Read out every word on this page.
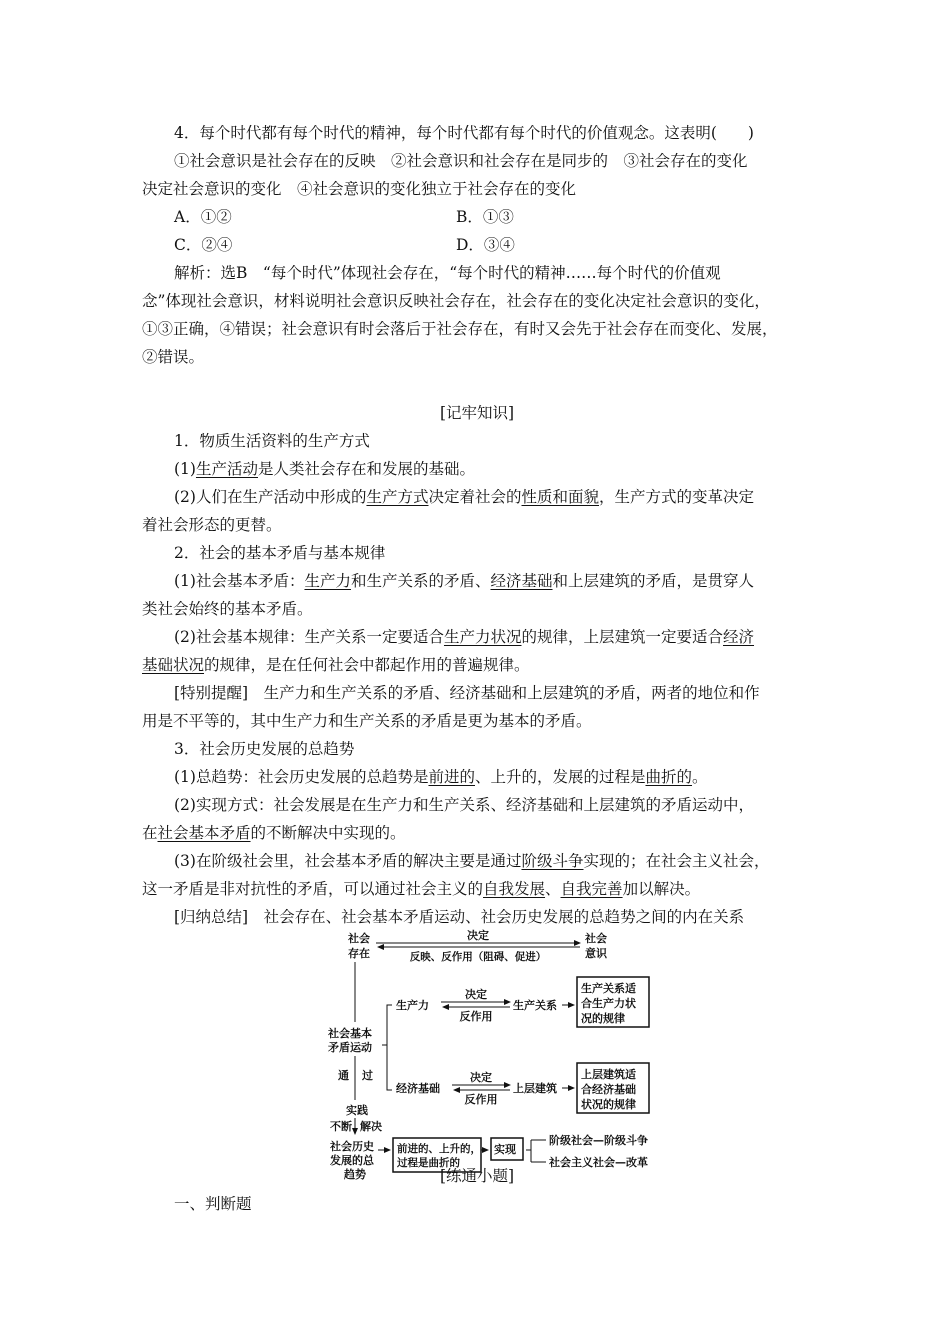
4．每个时代都有每个时代的精神，每个时代都有每个时代的价值观念。这表明(　　)
①社会意识是社会存在的反映　②社会意识和社会存在是同步的　③社会存在的变化
决定社会意识的变化　④社会意识的变化独立于社会存在的变化
A．①②	B．①③
C．②④	D．③④
解析：选B　“每个时代”体现社会存在，“每个时代的精神……每个时代的价值观
念”体现社会意识，材料说明社会意识反映社会存在，社会存在的变化决定社会意识的变化，
①③正确，④错误；社会意识有时会落后于社会存在，有时又会先于社会存在而变化、发展，
②错误。
[记牢知识]
1．物质生活资料的生产方式
(1)生产活动是人类社会存在和发展的基础。
(2)人们在生产活动中形成的生产方式决定着社会的性质和面貌，生产方式的变革决定
着社会形态的更替。
2．社会的基本矛盾与基本规律
(1)社会基本矛盾：生产力和生产关系的矛盾、经济基础和上层建筑的矛盾，是贯穿人
类社会始终的基本矛盾。
(2)社会基本规律：生产关系一定要适合生产力状况的规律，上层建筑一定要适合经济
基础状况的规律，是在任何社会中都起作用的普遍规律。
[特别提醒]　生产力和生产关系的矛盾、经济基础和上层建筑的矛盾，两者的地位和作
用是不平等的，其中生产力和生产关系的矛盾是更为基本的矛盾。
3．社会历史发展的总趋势
(1)总趋势：社会历史发展的总趋势是前进的、上升的，发展的过程是曲折的。
(2)实现方式：社会发展是在生产力和生产关系、经济基础和上层建筑的矛盾运动中，
在社会基本矛盾的不断解决中实现的。
(3)在阶级社会里，社会基本矛盾的解决主要是通过阶级斗争实现的；在社会主义社会，
这一矛盾是非对抗性的矛盾，可以通过社会主义的自我发展、自我完善加以解决。
[归纳总结]　社会存在、社会基本矛盾运动、社会历史发展的总趋势之间的内在关系
社会
存在
社会
意识
决定
反映、反作用（阻碍、促进）
社会基本
矛盾运动
生产力
决定
反作用
生产关系
生产关系适
合生产力状
况的规律
经济基础
决定
反作用
上层建筑
上层建筑适
合经济基础
状况的规律
通 过
实践
不断 解决
社会历史
发展的总
趋势
前进的、上升的，
过程是曲折的
实现
阶级社会—阶级斗争
社会主义社会—改革
[练通小题]
一、判断题
